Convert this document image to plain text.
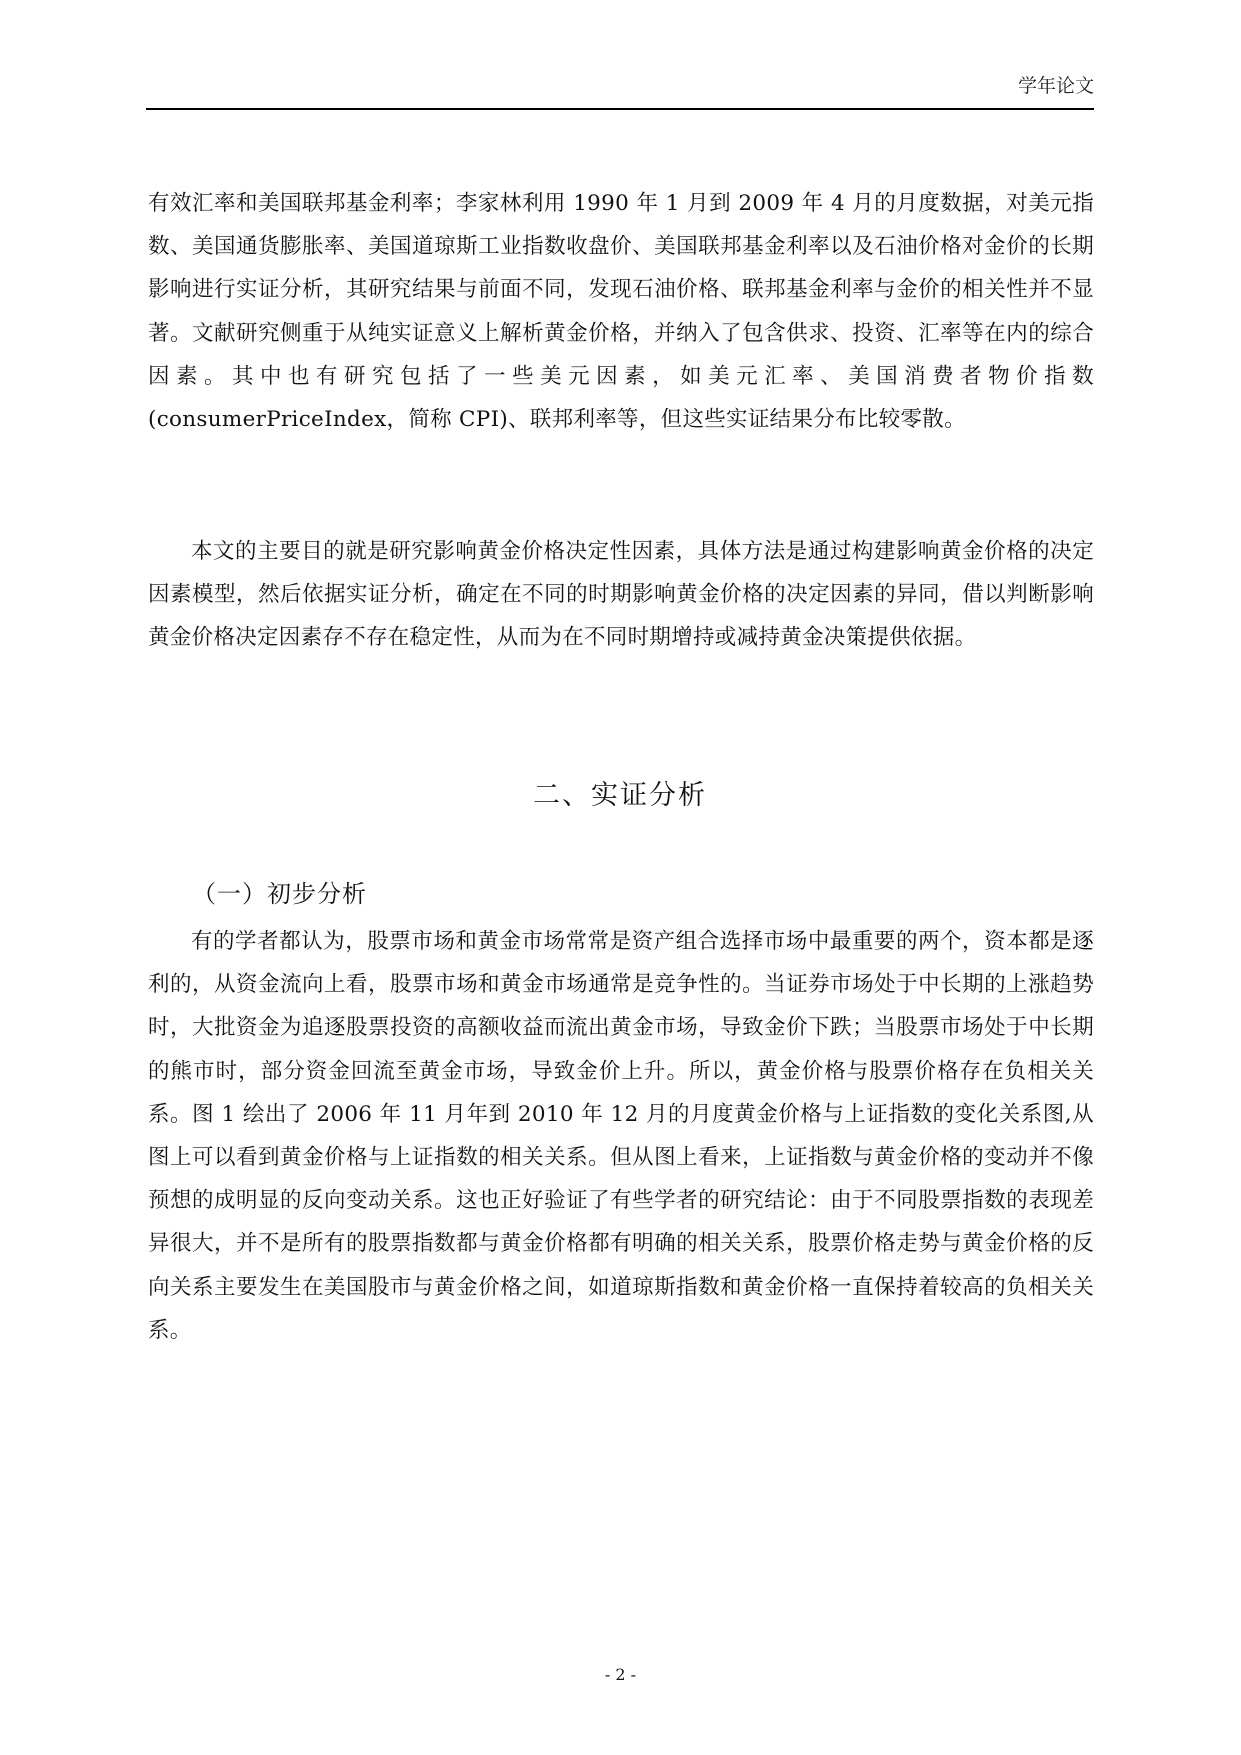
学年论文

有效汇率和美国联邦基金利率；李家林利用 1990 年 1 月到 2009 年 4 月的月度数据，对美元指数、美国通货膨胀率、美国道琼斯工业指数收盘价、美国联邦基金利率以及石油价格对金价的长期影响进行实证分析，其研究结果与前面不同，发现石油价格、联邦基金利率与金价的相关性并不显著。文献研究侧重于从纯实证意义上解析黄金价格，并纳入了包含供求、投资、汇率等在内的综合因素。其中也有研究包括了一些美元因素，如美元汇率、美国消费者物价指数(consumerPriceIndex，简称 CPI)、联邦利率等，但这些实证结果分布比较零散。

本文的主要目的就是研究影响黄金价格决定性因素，具体方法是通过构建影响黄金价格的决定因素模型，然后依据实证分析，确定在不同的时期影响黄金价格的决定因素的异同，借以判断影响黄金价格决定因素存不存在稳定性，从而为在不同时期增持或减持黄金决策提供依据。

二、实证分析
（一）初步分析

有的学者都认为，股票市场和黄金市场常常是资产组合选择市场中最重要的两个，资本都是逐利的，从资金流向上看，股票市场和黄金市场通常是竞争性的。当证券市场处于中长期的上涨趋势时，大批资金为追逐股票投资的高额收益而流出黄金市场，导致金价下跌；当股票市场处于中长期的熊市时，部分资金回流至黄金市场，导致金价上升。所以，黄金价格与股票价格存在负相关关系。图 1 绘出了 2006 年 11 月年到 2010 年 12 月的月度黄金价格与上证指数的变化关系图,从图上可以看到黄金价格与上证指数的相关关系。但从图上看来，上证指数与黄金价格的变动并不像预想的成明显的反向变动关系。这也正好验证了有些学者的研究结论：由于不同股票指数的表现差异很大，并不是所有的股票指数都与黄金价格都有明确的相关关系，股票价格走势与黄金价格的反向关系主要发生在美国股市与黄金价格之间，如道琼斯指数和黄金价格一直保持着较高的负相关关系。

- 2 -
